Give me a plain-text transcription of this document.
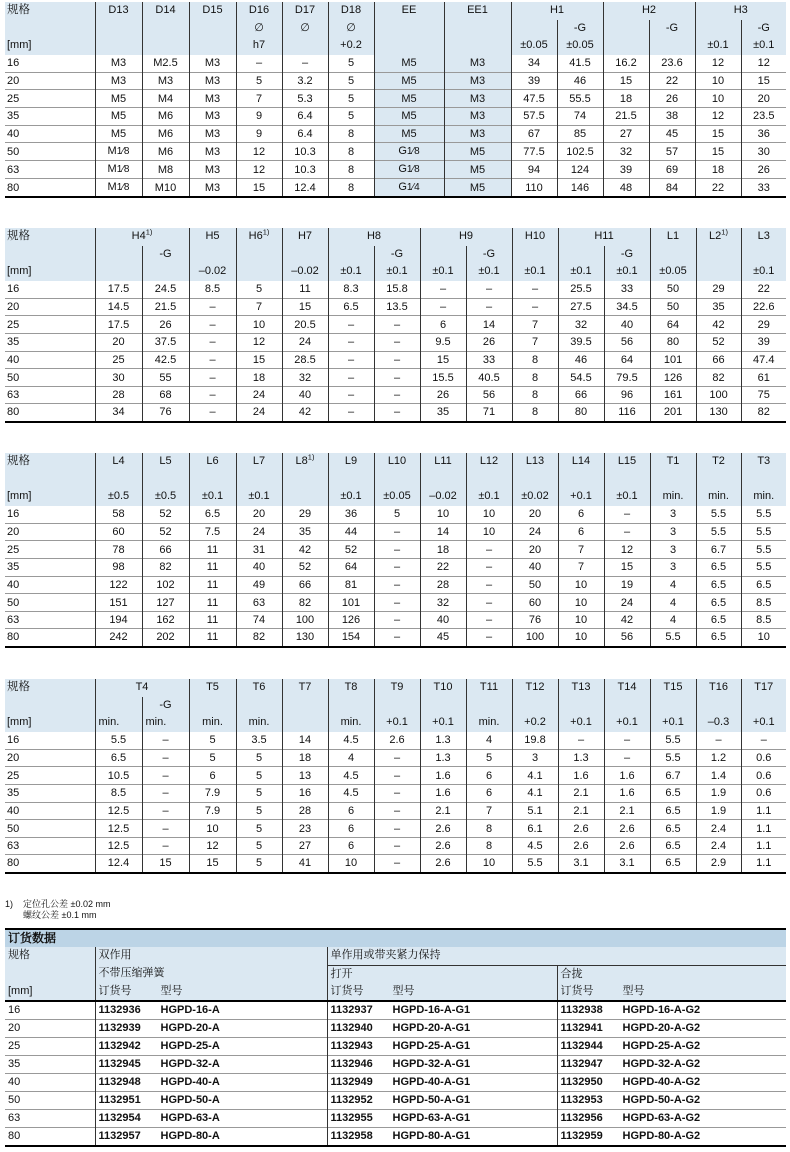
规格	D13	D14	D15	D16	D17	D18	EE	EE1	H1		H2		H3	
				∅	∅	∅				-G		-G		-G
[mm]				h7		+0.2			±0.05	±0.05			±0.1	±0.1
16	M3	M2.5	M3	–	–	5	M5	M3	34	41.5	16.2	23.6	12	12
20	M3	M3	M3	5	3.2	5	M5	M3	39	46	15	22	10	15
25	M5	M4	M3	7	5.3	5	M5	M3	47.5	55.5	18	26	10	20
35	M5	M6	M3	9	6.4	5	M5	M3	57.5	74	21.5	38	12	23.5
40	M5	M6	M3	9	6.4	8	M5	M3	67	85	27	45	15	36
50	M1⁄8	M6	M3	12	10.3	8	G1⁄8	M5	77.5	102.5	32	57	15	30
63	M1⁄8	M8	M3	12	10.3	8	G1⁄8	M5	94	124	39	69	18	26
80	M1⁄8	M10	M3	15	12.4	8	G1⁄4	M5	110	146	48	84	22	33
规格	H4$^{1)}$		H5	H6$^{1)}$	H7	H8		H9		H10	H11		L1	L2$^{1)}$	L3
		-G					-G		-G			-G			
[mm]			–0.02		–0.02	±0.1	±0.1	±0.1	±0.1	±0.1	±0.1	±0.1	±0.05		±0.1
16	17.5	24.5	8.5	5	11	8.3	15.8	–	–	–	25.5	33	50	29	22
20	14.5	21.5	–	7	15	6.5	13.5	–	–	–	27.5	34.5	50	35	22.6
25	17.5	26	–	10	20.5	–	–	6	14	7	32	40	64	42	29
35	20	37.5	–	12	24	–	–	9.5	26	7	39.5	56	80	52	39
40	25	42.5	–	15	28.5	–	–	15	33	8	46	64	101	66	47.4
50	30	55	–	18	32	–	–	15.5	40.5	8	54.5	79.5	126	82	61
63	28	68	–	24	40	–	–	26	56	8	66	96	161	100	75
80	34	76	–	24	42	–	–	35	71	8	80	116	201	130	82
规格	L4	L5	L6	L7	L8$^{1)}$	L9	L10	L11	L12	L13	L14	L15	T1	T2	T3

[mm]	±0.5	±0.5	±0.1	±0.1		±0.1	±0.05	–0.02	±0.1	±0.02	+0.1	±0.1	min.	min.	min.
16	58	52	6.5	20	29	36	5	10	10	20	6	–	3	5.5	5.5
20	60	52	7.5	24	35	44	–	14	10	24	6	–	3	5.5	5.5
25	78	66	11	31	42	52	–	18	–	20	7	12	3	6.7	5.5
35	98	82	11	40	52	64	–	22	–	40	7	15	3	6.5	5.5
40	122	102	11	49	66	81	–	28	–	50	10	19	4	6.5	6.5
50	151	127	11	63	82	101	–	32	–	60	10	24	4	6.5	8.5
63	194	162	11	74	100	126	–	40	–	76	10	42	4	6.5	8.5
80	242	202	11	82	130	154	–	45	–	100	10	56	5.5	6.5	10
规格	T4		T5	T6	T7	T8	T9	T10	T11	T12	T13	T14	T15	T16	T17
		-G													
[mm]	min.	min.	min.	min.		min.	+0.1	+0.1	min.	+0.2	+0.1	+0.1	+0.1	–0.3	+0.1
16	5.5	–	5	3.5	14	4.5	2.6	1.3	4	19.8	–	–	5.5	–	–
20	6.5	–	5	5	18	4	–	1.3	5	3	1.3	–	5.5	1.2	0.6
25	10.5	–	6	5	13	4.5	–	1.6	6	4.1	1.6	1.6	6.7	1.4	0.6
35	8.5	–	7.9	5	16	4.5	–	1.6	6	4.1	2.1	1.6	6.5	1.9	0.6
40	12.5	–	7.9	5	28	6	–	2.1	7	5.1	2.1	2.1	6.5	1.9	1.1
50	12.5	–	10	5	23	6	–	2.6	8	6.1	2.6	2.6	6.5	2.4	1.1
63	12.5	–	12	5	27	6	–	2.6	8	4.5	2.6	2.6	6.5	2.4	1.1
80	12.4	15	15	5	41	10	–	2.6	10	5.5	3.1	3.1	6.5	2.9	1.1
1) 定位孔公差 ±0.02 mm
螺纹公差 ±0.1 mm
订货数据			
规格	双作用	单作用或带夹紧力保持	
	不带压缩弹簧	打开	合拢
[mm]	订货号 型号	订货号 型号	订货号 型号
16	1132936 HGPD-16-A	1132937 HGPD-16-A-G1	1132938 HGPD-16-A-G2
20	1132939 HGPD-20-A	1132940 HGPD-20-A-G1	1132941 HGPD-20-A-G2
25	1132942 HGPD-25-A	1132943 HGPD-25-A-G1	1132944 HGPD-25-A-G2
35	1132945 HGPD-32-A	1132946 HGPD-32-A-G1	1132947 HGPD-32-A-G2
40	1132948 HGPD-40-A	1132949 HGPD-40-A-G1	1132950 HGPD-40-A-G2
50	1132951 HGPD-50-A	1132952 HGPD-50-A-G1	1132953 HGPD-50-A-G2
63	1132954 HGPD-63-A	1132955 HGPD-63-A-G1	1132956 HGPD-63-A-G2
80	1132957 HGPD-80-A	1132958 HGPD-80-A-G1	1132959 HGPD-80-A-G2
